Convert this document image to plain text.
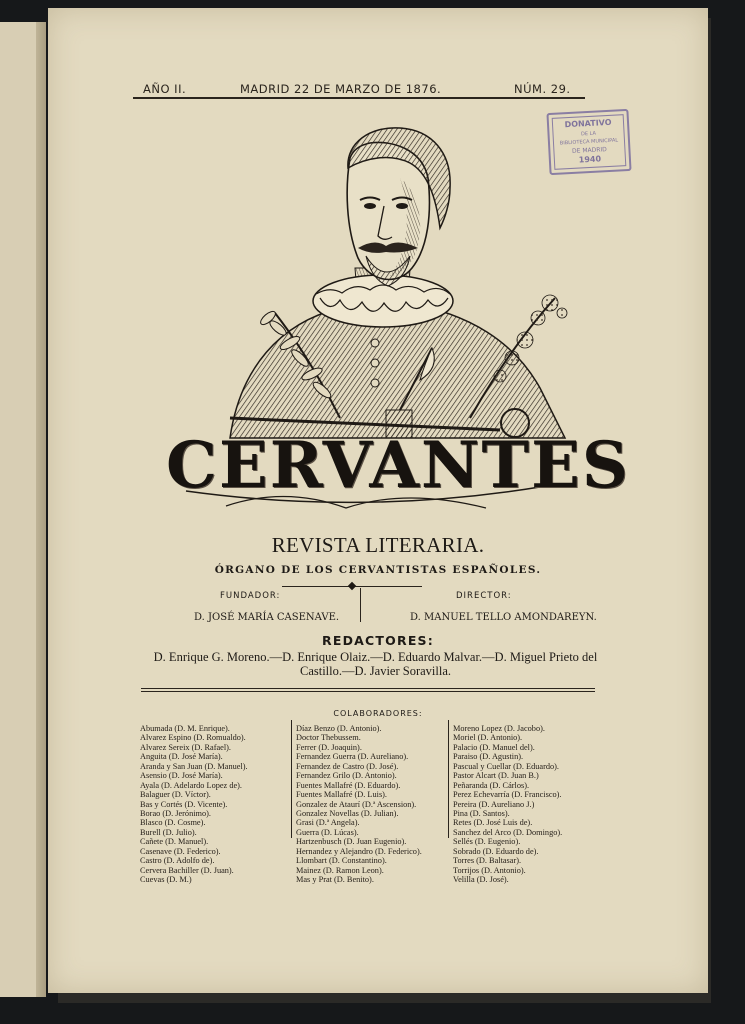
AÑO II.	MADRID 22 DE MARZO DE 1876.	NÚM. 29.
DONATIVO
DE LA
BIBLIOTECA MUNICIPAL
DE MADRID
1940
CERVANTES
REVISTA LITERARIA.
ÓRGANO DE LOS CERVANTISTAS ESPAÑOLES.
FUNDADOR:
D. JOSÉ MARÍA CASENAVE.
DIRECTOR:
D. MANUEL TELLO AMONDAREYN.
REDACTORES:
D. Enrique G. Moreno.—D. Enrique Olaiz.—D. Eduardo Malvar.—D. Miguel Prieto del Castillo.—D. Javier Soravilla.
COLABORADORES:
Abumada (D. M. Enrique).
Alvarez Espino (D. Romualdo).
Alvarez Sereix (D. Rafael).
Anguita (D. José María).
Aranda y San Juan (D. Manuel).
Asensio (D. José María).
Ayala (D. Adelardo Lopez de).
Balaguer (D. Víctor).
Bas y Cortés (D. Vicente).
Borao (D. Jerónimo).
Blasco (D. Cosme).
Burell (D. Julio).
Cañete (D. Manuel).
Casenave (D. Federico).
Castro (D. Adolfo de).
Cervera Bachiller (D. Juan).
Cuevas (D. M.)
Díaz Benzo (D. Antonio).
Doctor Thebussem.
Ferrer (D. Joaquin).
Fernandez Guerra (D. Aureliano).
Fernandez de Castro (D. José).
Fernandez Grilo (D. Antonio).
Fuentes Mallafré (D. Eduardo).
Fuentes Mallafré (D. Luis).
Gonzalez de Ataurí (D.ª Ascension).
Gonzalez Novellas (D. Julian).
Grasi (D.ª Angela).
Guerra (D. Lúcas).
Hartzenbusch (D. Juan Eugenio).
Hernandez y Alejandro (D. Federico).
Llombart (D. Constantino).
Mainez (D. Ramon Leon).
Mas y Prat (D. Benito).
Moreno Lopez (D. Jacobo).
Moriel (D. Antonio).
Palacio (D. Manuel del).
Paraiso (D. Agustin).
Pascual y Cuellar (D. Eduardo).
Pastor Alcart (D. Juan B.)
Peñaranda (D. Cárlos).
Perez Echevarría (D. Francisco).
Pereira (D. Aureliano J.)
Pina (D. Santos).
Retes (D. José Luis de).
Sanchez del Arco (D. Domingo).
Sellés (D. Eugenio).
Sobrado (D. Eduardo de).
Torres (D. Baltasar).
Torrijos (D. Antonio).
Velilla (D. José).
